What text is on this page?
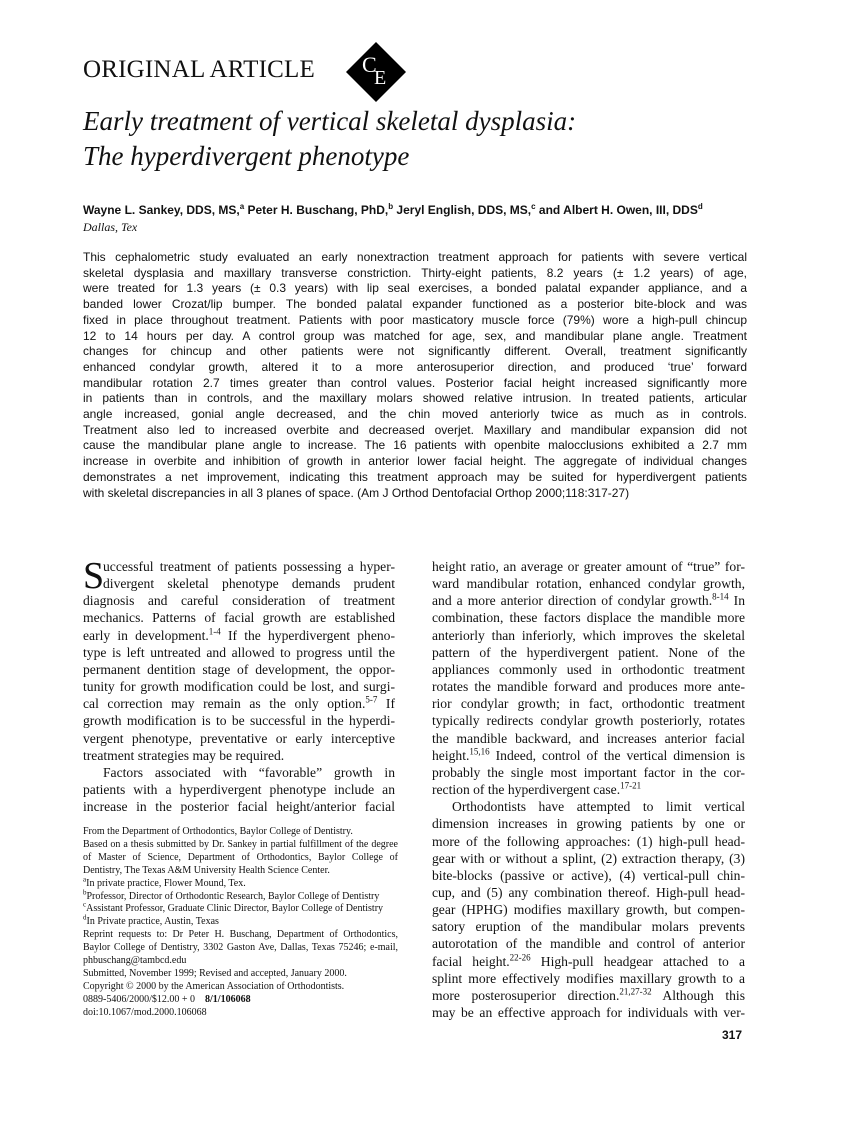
ORIGINAL ARTICLE C
E
Early treatment of vertical skeletal dysplasia:
The hyperdivergent phenotype
Wayne L. Sankey, DDS, MS,$^a$ Peter H. Buschang, PhD,$^b$ Jeryl English, DDS, MS,$^c$ and Albert H. Owen, III, DDS$^d$
Dallas, Tex
This cephalometric study evaluated an early nonextraction treatment approach for patients with severe vertical
skeletal dysplasia and maxillary transverse constriction. Thirty-eight patients, 8.2 years (± 1.2 years) of age,
were treated for 1.3 years (± 0.3 years) with lip seal exercises, a bonded palatal expander appliance, and a
banded lower Crozat/lip bumper. The bonded palatal expander functioned as a posterior bite-block and was
fixed in place throughout treatment. Patients with poor masticatory muscle force (79%) wore a high-pull chincup
12 to 14 hours per day. A control group was matched for age, sex, and mandibular plane angle. Treatment
changes for chincup and other patients were not significantly different. Overall, treatment significantly
enhanced condylar growth, altered it to a more anterosuperior direction, and produced ‘true’ forward
mandibular rotation 2.7 times greater than control values. Posterior facial height increased significantly more
in patients than in controls, and the maxillary molars showed relative intrusion. In treated patients, articular
angle increased, gonial angle decreased, and the chin moved anteriorly twice as much as in controls.
Treatment also led to increased overbite and decreased overjet. Maxillary and mandibular expansion did not
cause the mandibular plane angle to increase. The 16 patients with openbite malocclusions exhibited a 2.7 mm
increase in overbite and inhibition of growth in anterior lower facial height. The aggregate of individual changes
demonstrates a net improvement, indicating this treatment approach may be suited for hyperdivergent patients
with skeletal discrepancies in all 3 planes of space. (Am J Orthod Dentofacial Orthop 2000;118:317-27)
S
uccessful treatment of patients possessing a hyper-
divergent skeletal phenotype demands prudent
diagnosis and careful consideration of treatment
mechanics. Patterns of facial growth are established
early in development.$^{1-4}$ If the hyperdivergent pheno-
type is left untreated and allowed to progress until the
permanent dentition stage of development, the oppor-
tunity for growth modification could be lost, and surgi-
cal correction may remain as the only option.$^{5-7}$ If
growth modification is to be successful in the hyperdi-
vergent phenotype, preventative or early interceptive
treatment strategies may be required.
Factors associated with “favorable” growth in
patients with a hyperdivergent phenotype include an
increase in the posterior facial height/anterior facial
height ratio, an average or greater amount of “true” for-
ward mandibular rotation, enhanced condylar growth,
and a more anterior direction of condylar growth.$^{8-14}$ In
combination, these factors displace the mandible more
anteriorly than inferiorly, which improves the skeletal
pattern of the hyperdivergent patient. None of the
appliances commonly used in orthodontic treatment
rotates the mandible forward and produces more ante-
rior condylar growth; in fact, orthodontic treatment
typically redirects condylar growth posteriorly, rotates
the mandible backward, and increases anterior facial
height.$^{15,16}$ Indeed, control of the vertical dimension is
probably the single most important factor in the cor-
rection of the hyperdivergent case.$^{17-21}$
Orthodontists have attempted to limit vertical
dimension increases in growing patients by one or
more of the following approaches: (1) high-pull head-
gear with or without a splint, (2) extraction therapy, (3)
bite-blocks (passive or active), (4) vertical-pull chin-
cup, and (5) any combination thereof. High-pull head-
gear (HPHG) modifies maxillary growth, but compen-
satory eruption of the mandibular molars prevents
autorotation of the mandible and control of anterior
facial height.$^{22-26}$ High-pull headgear attached to a
splint more effectively modifies maxillary growth to a
more posterosuperior direction.$^{21,27-32}$ Although this
may be an effective approach for individuals with ver-

From the Department of Orthodontics, Baylor College of Dentistry.

Based on a thesis submitted by Dr. Sankey in partial fulfillment of the degree of Master of Science, Department of Orthodontics, Baylor College of Dentistry, The Texas A&M University Health Science Center.

$^a$In private practice, Flower Mound, Tex.

$^b$Professor, Director of Orthodontic Research, Baylor College of Dentistry

$^c$Assistant Professor, Graduate Clinic Director, Baylor College of Dentistry

$^d$In Private practice, Austin, Texas

Reprint requests to: Dr Peter H. Buschang, Department of Orthodontics, Baylor College of Dentistry, 3302 Gaston Ave, Dallas, Texas 75246; e-mail, phbuschang@tambcd.edu

Submitted, November 1999; Revised and accepted, January 2000.

Copyright © 2000 by the American Association of Orthodontists.

0889-5406/2000/$12.00 + 0 8/1/106068

doi:10.1067/mod.2000.106068

317
